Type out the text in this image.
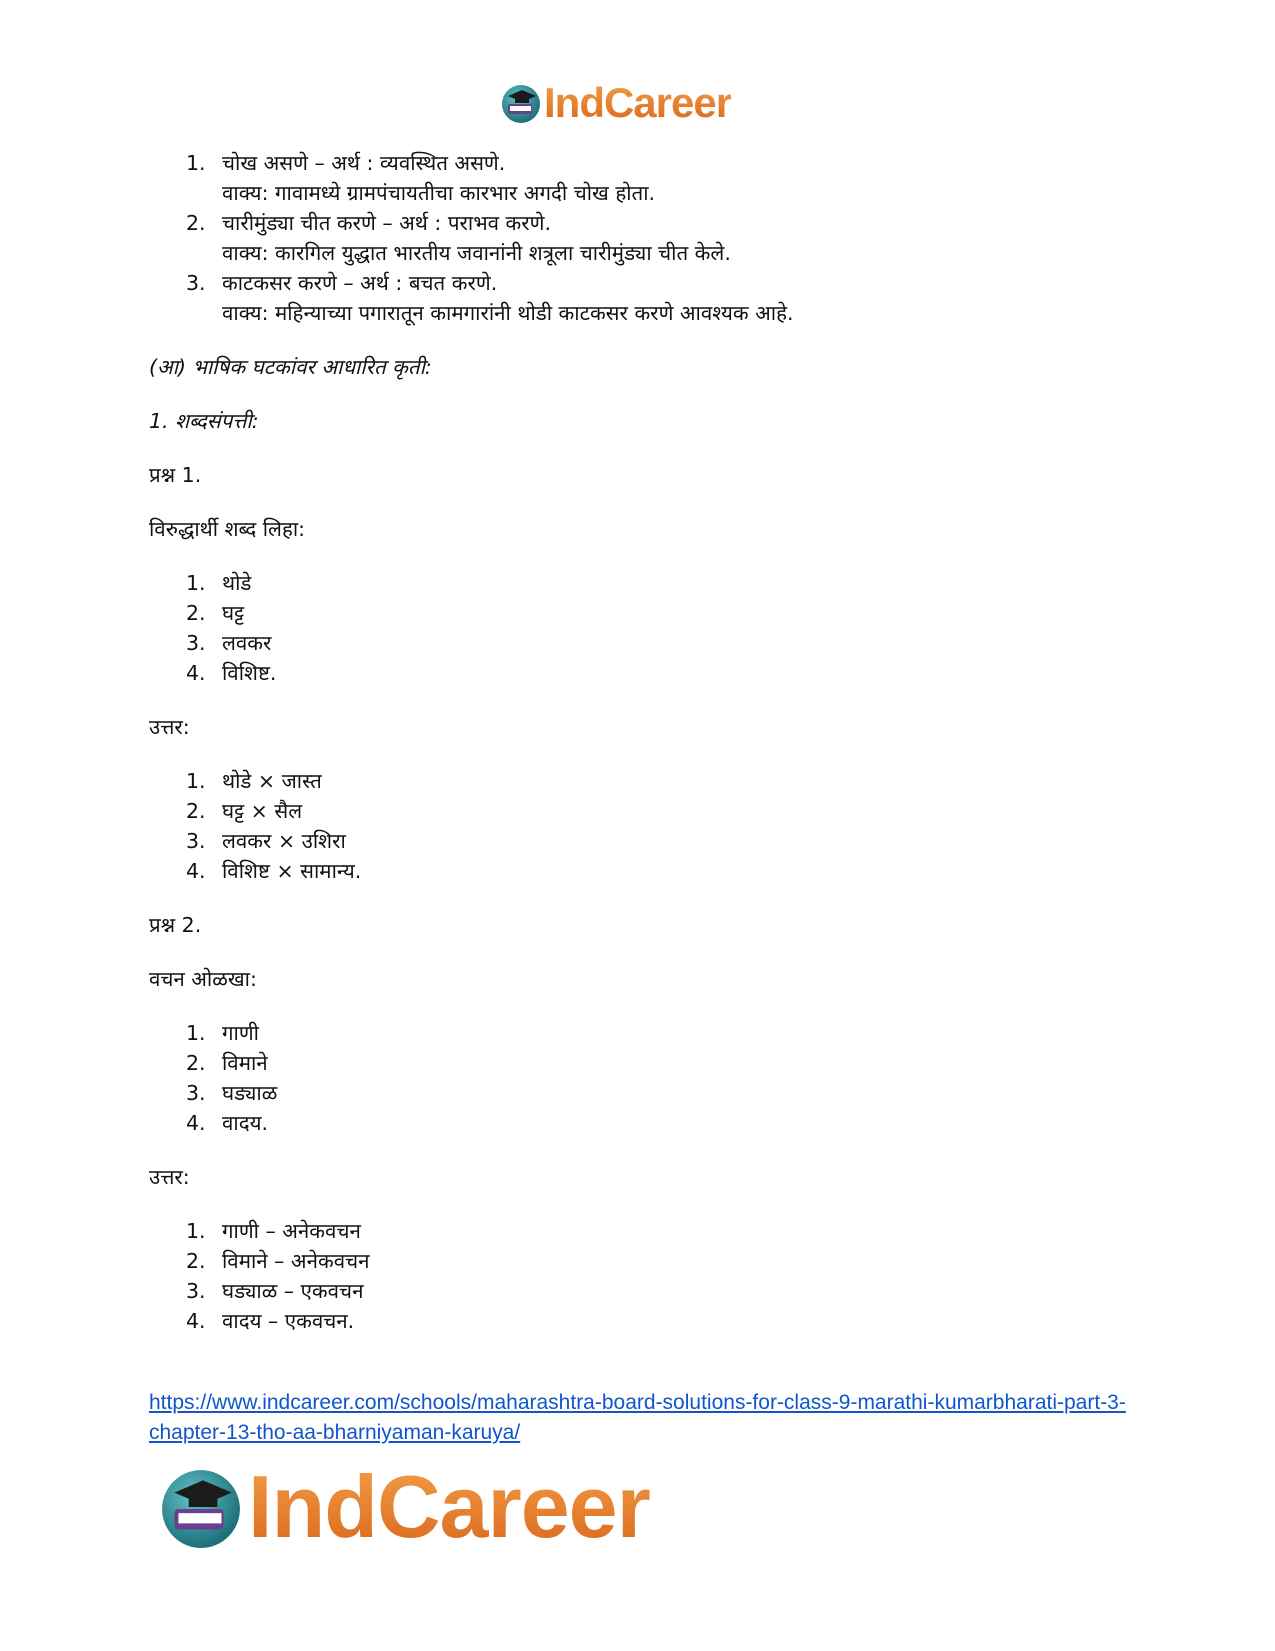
IndCareer
1. चोख असणे – अर्थ : व्यवस्थित असणे.
वाक्य: गावामध्ये ग्रामपंचायतीचा कारभार अगदी चोख होता.
2. चारीमुंड्या चीत करणे – अर्थ : पराभव करणे.
वाक्य: कारगिल युद्धात भारतीय जवानांनी शत्रूला चारीमुंड्या चीत केले.
3. काटकसर करणे – अर्थ : बचत करणे.
वाक्य: महिन्याच्या पगारातून कामगारांनी थोडी काटकसर करणे आवश्यक आहे.

(आ) भाषिक घटकांवर आधारित कृती:

1. शब्दसंपत्ती:

प्रश्न 1.

विरुद्धार्थी शब्द लिहा:

1. थोडे
2. घट्ट
3. लवकर
4. विशिष्ट.

उत्तर:

1. थोडे × जास्त
2. घट्ट × सैल
3. लवकर × उशिरा
4. विशिष्ट × सामान्य.

प्रश्न 2.

वचन ओळखा:

1. गाणी
2. विमाने
3. घड्याळ
4. वादय.

उत्तर:

1. गाणी – अनेकवचन
2. विमाने – अनेकवचन
3. घड्याळ – एकवचन
4. वादय – एकवचन.
https://www.indcareer.com/schools/maharashtra-board-solutions-for-class-9-marathi-kumarbharati-part-3-chapter-13-tho-aa-bharniyaman-karuya/
IndCareer
